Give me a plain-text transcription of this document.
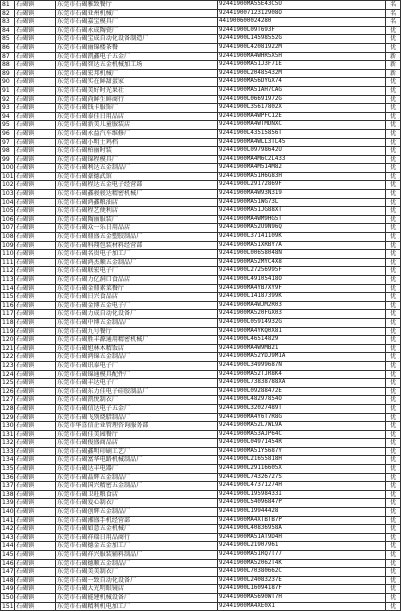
81	石碣镇	东莞市石碣雅致餐厅	92441900MA55E43C5U	名
82	石碣镇	东莞市石碣亚州机械厂	92441900712312908O	名
83	石碣镇	东莞市石碣嘉宝模具厂	441900600024280	名
84	石碣镇	东莞市石碣永成陶瓷厂	92441900L09T693F	优
85	石碣镇	东莞市石碣宝成自动化设备制造厂	92441900L14598552G	优
86	石碣镇	东莞市石碣丽锦楼茶餐	92441900L42081922M	优
87	石碣镇	东莞市石碣凯鑫电子五金厂	92441900MA4WHR5X5H	新
88	石碣镇	东莞市石碣智达五金机械加工场	92441900MA51J3F71E	新
89	石碣镇	东莞市石碣宏邦机械厂	92441900L20485432M	新
90	石碣镇	东莞市石碣实在鲜甜蛋家	92441900MA56DYGX74	优
91	石碣镇	东莞市石碣美好时光果社	92441900MA51AH7CAG	优
92	石碣镇	东莞市石碣尚鲜生鲜商行	92441900L06691972G	优
93	石碣镇	东莞市石碣钱卡服饰厂	92441900L35617802X	优
94	石碣镇	东莞市石碣泰佳日用品店	92441900MA4WPFC12E	优
95	石碣镇	东莞市石碣新美儿童服装店	92441900MA4WTMDNXC	优
96	石碣镇	东莞市石碣永益汽车维修厂	92441900L43515856T	优
97	石碣镇	东莞市石碣小明土鸡档	92441900MA4WLL3TL45	优
98	石碣镇	东莞市石碣柏丽时装	92441900L09798642U	优
99	石碣镇	东莞市石碣锦程模具厂	92441900MA4M6C2L433	优
100	石碣镇	东莞市石碣利达五金制品厂	92441900MA4M514M82	优
101	石碣镇	东莞市石碣豪德武馆	92441900MA51H6G83H	优
102	石碣镇	东莞市石碣程达五金电子经营部	92441900L29172869F	优
103	石碣镇	东莞市石碣鑫骏骏达精密机械厂	92441900MA4W93N319	优
104	石碣镇	东莞市石碣鸿鑫粮油店	92441900MA51WG73L	优
105	石碣镇	东莞市石碣程艺便利店	92441900MA51JG88XT	优
106	石碣镇	东莞市石碣陶丽服装厂	92441900MA4WM9HG5T	优
107	石碣镇	东莞市石碣众一乐日用品店	92441900MA52U9N96Q	优
108	石碣镇	东莞市石碣鼎盛五金塑胶制品厂	92441900L37141109K	优
109	石碣镇	东莞市石碣科翔包装材料经营部	92441900MA51XRBY7A	优
110	石碣镇	东莞市石碣名贵电子加工厂	92441900L00658048N	优
111	石碣镇	东莞市石碣鸿杰顺五金制品厂	92441900MA52MYC4X8	优
112	石碣镇	东莞市石碣联宏电子厂	92441900L27256995F	优
113	石碣镇	东莞市石碣力亿洞口食品店	92441900L49105418O	优
114	石碣镇	东莞市石碣金鼎素菜餐厅	92441900MA4YB7XY9F	优
115	石碣镇	东莞市石碣日兴食品店	92441900L14187399K	优
116	石碣镇	东莞市石碣金博五金电子厂	92441900MA4WJM2R03	优
117	石碣镇	东莞市石碣力成自动化设备厂	92441900MA520FGX03	优
118	石碣镇	东莞市石碣中博五金制品厂	92441900L05914932G	优
119	石碣镇	东莞市石碣九号餐厅	92441900MA4YKQ0X81	优
120	石碣镇	东莞市石碣胜丰源通用精密机械厂	92441900L46514829	优
121	石碣镇	东莞市石碣旭林木精饭店	92441900MA4W9MB21	优
122	石碣镇	东莞市石碣鸿锦五金制品厂	92441900MA52YDJ9M1A	优
123	石碣镇	东莞市石碣讯泰电子厂	92441900L34999687N	优
124	石碣镇	东莞市石碣锦通模具配件厂	92441900MA52TJR8K4	优
125	石碣镇	东莞市石碣丰达电子厂	92441900L73838788XA	优
126	石碣镇	东莞市石碣东力佳电子硅胶制品厂	92441900L09288472E	优
127	石碣镇	东莞市石碣凯悦制衣厂	92441900L48297854O	优
128	石碣镇	东莞市石碣信达电子五金厂	92441900L32027489T	优
129	石碣镇	东莞市石碣飞别烧腊制品厂	92441900MA4Y6T7R8G	优
130	石碣镇	东莞市华喜信企业管理咨询服务部	92441900MA52L7WL9A	优
131	石碣镇	东莞市石碣佳美园餐厅	92441900MA53AJP64C	优
132	石碣镇	东莞市石碣俊盛商品店	92441900L04971454R	优
133	石碣镇	东莞市石碣鑫明印刷工艺厂	92441900MA51Y5687Y	优
134	石碣镇	东莞市石碣富华电路机械制品厂	92441900L21655818H	优
135	石碣镇	东莞市石碣达丰电器厂	92441900L29116605X	优
136	石碣镇	东莞市石碣晶辉五金制品厂	92441900L74326727S	优
137	石碣镇	东莞市石碣国兴精密五金制品厂	92441900L47371274H	优
138	石碣镇	东莞市石碣卫旺粮食店	92441900L19598433I	优
139	石碣镇	东莞市石碣爱心制衣厂	92441900L54096847P	优
140	石碣镇	东莞市石碣创辉五金制品厂	92441900L19944428	优
141	石碣镇	东莞市石碣湘盛手机经营部	92441900MA4XTBTB7P	优
142	石碣镇	东莞市石碣如意五金机械厂	92441900L40836958A	优
143	石碣镇	东莞市石碣祥瑞日用品商行	92441900MA51AT9D4H	优
144	石碣镇	东莞市石碣德金五金加工厂	92441900L21907961	优
145	石碣镇	东莞市石碣祥兴服装辅料制品厂	92441900MA51RQ7T77	优
146	石碣镇	东莞市石碣德顺五金制品厂	92441900MA52062T4K	优
147	石碣镇	东莞市石碣美美制衣厂	92441900L70380662C	优
148	石碣镇	东莞市石碣一致自动化设备厂	92441900L24083237E	优
149	石碣镇	东莞市石碣大光明眼镜店	92441900L16094187F	优
150	石碣镇	东莞市石碣能建机械设备厂	92441900MA5690WT7H	优
151	石碣镇	东莞市石碣精利机电加工厂	92441900MA4XE0X1	优
